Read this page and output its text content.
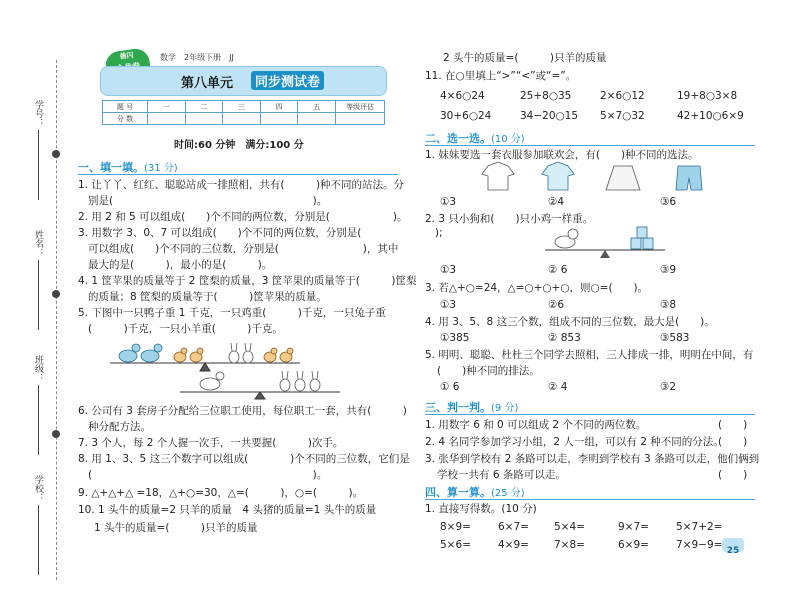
学号：
姓名：
班级：
学校：
善闪	数学　2年级下册　JJ
第八单元	同步测试卷
题 号	一	二	三	四	五	等级评估
分 数						
时间:60 分钟　满分:100 分
一、填一填。(31 分)
1. 让丫丫、红红、聪聪站成一排照相，共有(　　　)种不同的站法。分
别是(　　　　　　　　　　　　　　　　　　　)。
2. 用 2 和 5 可以组成(　　)个不同的两位数，分别是(　　　　　　)。
3. 用数字 3、0、7 可以组成(　　)个不同的两位数，分别是(　　　　　　　);
可以组成(　　)个不同的三位数，分别是(　　　　　　　　)，其中
最大的是(　　　)，最小的是(　　　)。
4. 1 筐苹果的质量等于 2 筐梨的质量，3 筐苹果的质量等于(　　　)筐梨
的质量；8 筐梨的质量等于(　　　)筐苹果的质量。
5. 下图中一只鸭子重 1 千克，一只鸡重(　　　)千克，一只兔子重
(　　　)千克，一只小羊重(　　　)千克。
6. 公司有 3 套房子分配给三位职工使用，每位职工一套，共有(　　　)
种分配方法。
7. 3 个人，每 2 个人握一次手，一共要握(　　　)次手。
8. 用 1、3、5 这三个数字可以组成(　　　　)个不同的三位数，它们是
(　　　　　　　　　　　　　　　　　　　　　)。
9. △+△+△ =18，△+○=30，△=(　　　)，○=(　　　)。
10. 1 头牛的质量=2 只羊的质量　4 头猪的质量=1 头牛的质量
1 头牛的质量=(　　　)只羊的质量
2 头牛的质量=(　　　)只羊的质量
11. 在○里填上“>”“<”或“=”。
4×6○24	25+8○35	2×6○12	19+8○3×8
30+6○24	34−20○15 5×7○32	42+10○6×9
二、选一选。(10 分)
1. 妹妹要选一套衣服参加联欢会，有(　　)种不同的选法。
①3	②4	③6
2. 3 只小狗和(　　)只小鸡一样重。
①3	② 6	③9
3. 若△+○=24，△=○+○+○，则○=(　　)。
①3	②6	③8
4. 用 3、5、8 这三个数，组成不同的三位数，最大是(　　)。
①385	② 853	③583
5. 明明、聪聪、杜杜三个同学去照相，三人排成一排，明明在中间，有
(　　)种不同的排法。
① 6	② 4	③2
三、判一判。(9 分)
1. 用数字 6 和 0 可以组成 2 个不同的两位数。	(　　)
2. 4 名同学参加学习小组，2 人一组，可以有 2 种不同的分法。
(　　)
3. 张华到学校有 2 条路可以走，李明到学校有 3 条路可以走，他们俩到
学校一共有 6 条路可以走。	(　　)
四、算一算。(25 分)
1. 直接写得数。(10 分)
8×9=	6×7= 5×4=	9×7=	5×7+2=
5×6=	4×9= 7×8=	6×9=	7×9−9= 25
